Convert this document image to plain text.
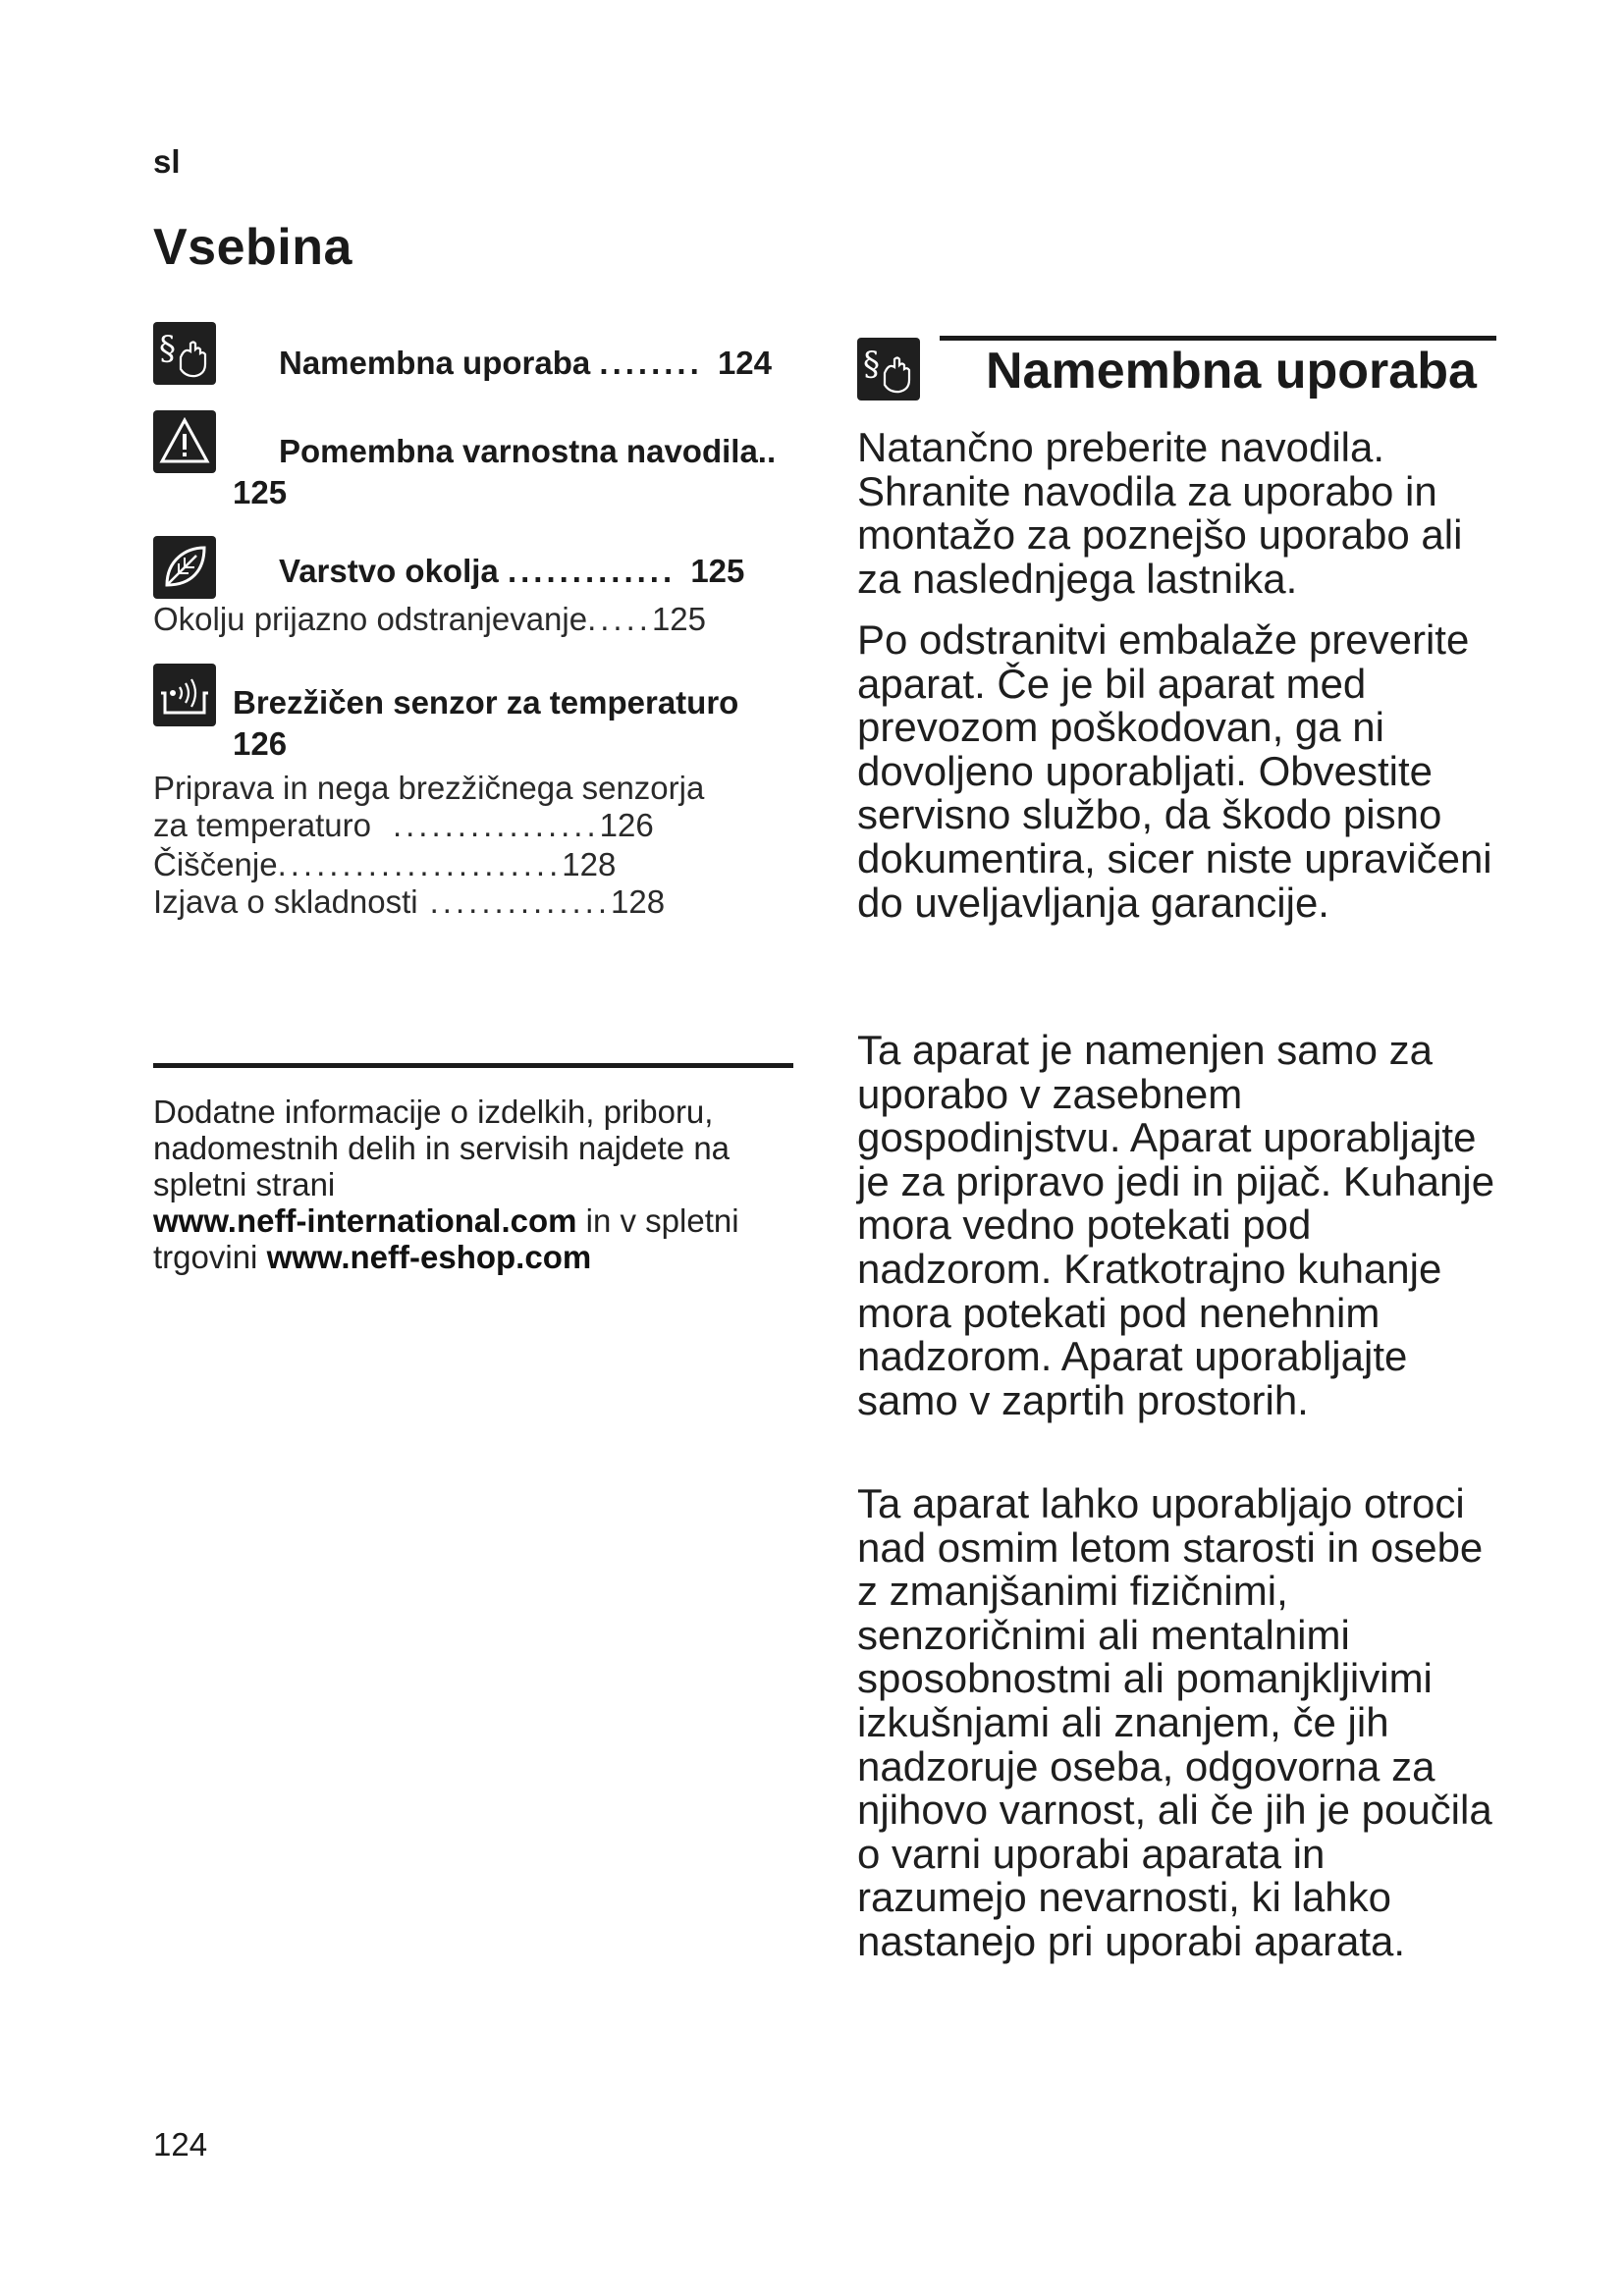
sl
Vsebina
§	Namembna uporaba ........ 124
Pomembna varnostna navodila..
125
Varstvo okolja ............. 125
Okolju prijazno odstranjevanje ..... 125
Brezžičen senzor za temperaturo
126
Priprava in nega brezžičnega senzorja
za temperaturo ................ 126
Čiščenje ...................... 128
Izjava o skladnosti .............. 128
Dodatne informacije o izdelkih, priboru, nadomestnih delih in servisih najdete na spletni strani
www.neff-international.com in v spletni trgovini www.neff-eshop.com
§ Namembna uporaba

Natančno preberite navodila. Shranite navodila za uporabo in montažo za poznejšo uporabo ali za naslednjega lastnika.

Po odstranitvi embalaže preverite aparat. Če je bil aparat med prevozom poškodovan, ga ni dovoljeno uporabljati. Obvestite servisno službo, da škodo pisno dokumentira, sicer niste upravičeni do uveljavljanja garancije.

Ta aparat je namenjen samo za uporabo v zasebnem gospodinjstvu. Aparat uporabljajte je za pripravo jedi in pijač. Kuhanje mora vedno potekati pod nadzorom. Kratkotrajno kuhanje mora potekati pod nenehnim nadzorom. Aparat uporabljajte samo v zaprtih prostorih.

Ta aparat lahko uporabljajo otroci nad osmim letom starosti in osebe z zmanjšanimi fizičnimi, senzoričnimi ali mentalnimi sposobnostmi ali pomanjkljivimi izkušnjami ali znanjem, če jih nadzoruje oseba, odgovorna za njihovo varnost, ali če jih je poučila o varni uporabi aparata in razumejo nevarnosti, ki lahko nastanejo pri uporabi aparata.

124
